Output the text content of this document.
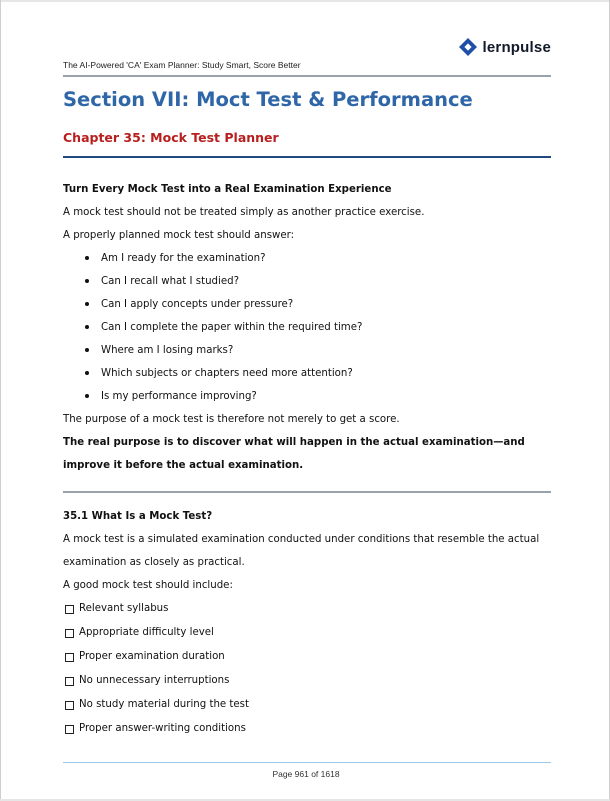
The AI-Powered 'CA' Exam Planner: Study Smart, Score Better
lernpulse
Section VII: Moct Test & Performance
Chapter 35: Mock Test Planner

Turn Every Mock Test into a Real Examination Experience

A mock test should not be treated simply as another practice exercise.

A properly planned mock test should answer:

Am I ready for the examination?
Can I recall what I studied?
Can I apply concepts under pressure?
Can I complete the paper within the required time?
Where am I losing marks?
Which subjects or chapters need more attention?
Is my performance improving?

The purpose of a mock test is therefore not merely to get a score.

The real purpose is to discover what will happen in the actual examination—and improve it before the actual examination.

35.1 What Is a Mock Test?

A mock test is a simulated examination conducted under conditions that resemble the actual examination as closely as practical.

A good mock test should include:

Relevant syllabus
Appropriate difficulty level
Proper examination duration
No unnecessary interruptions
No study material during the test
Proper answer-writing conditions
Page 961 of 1618
